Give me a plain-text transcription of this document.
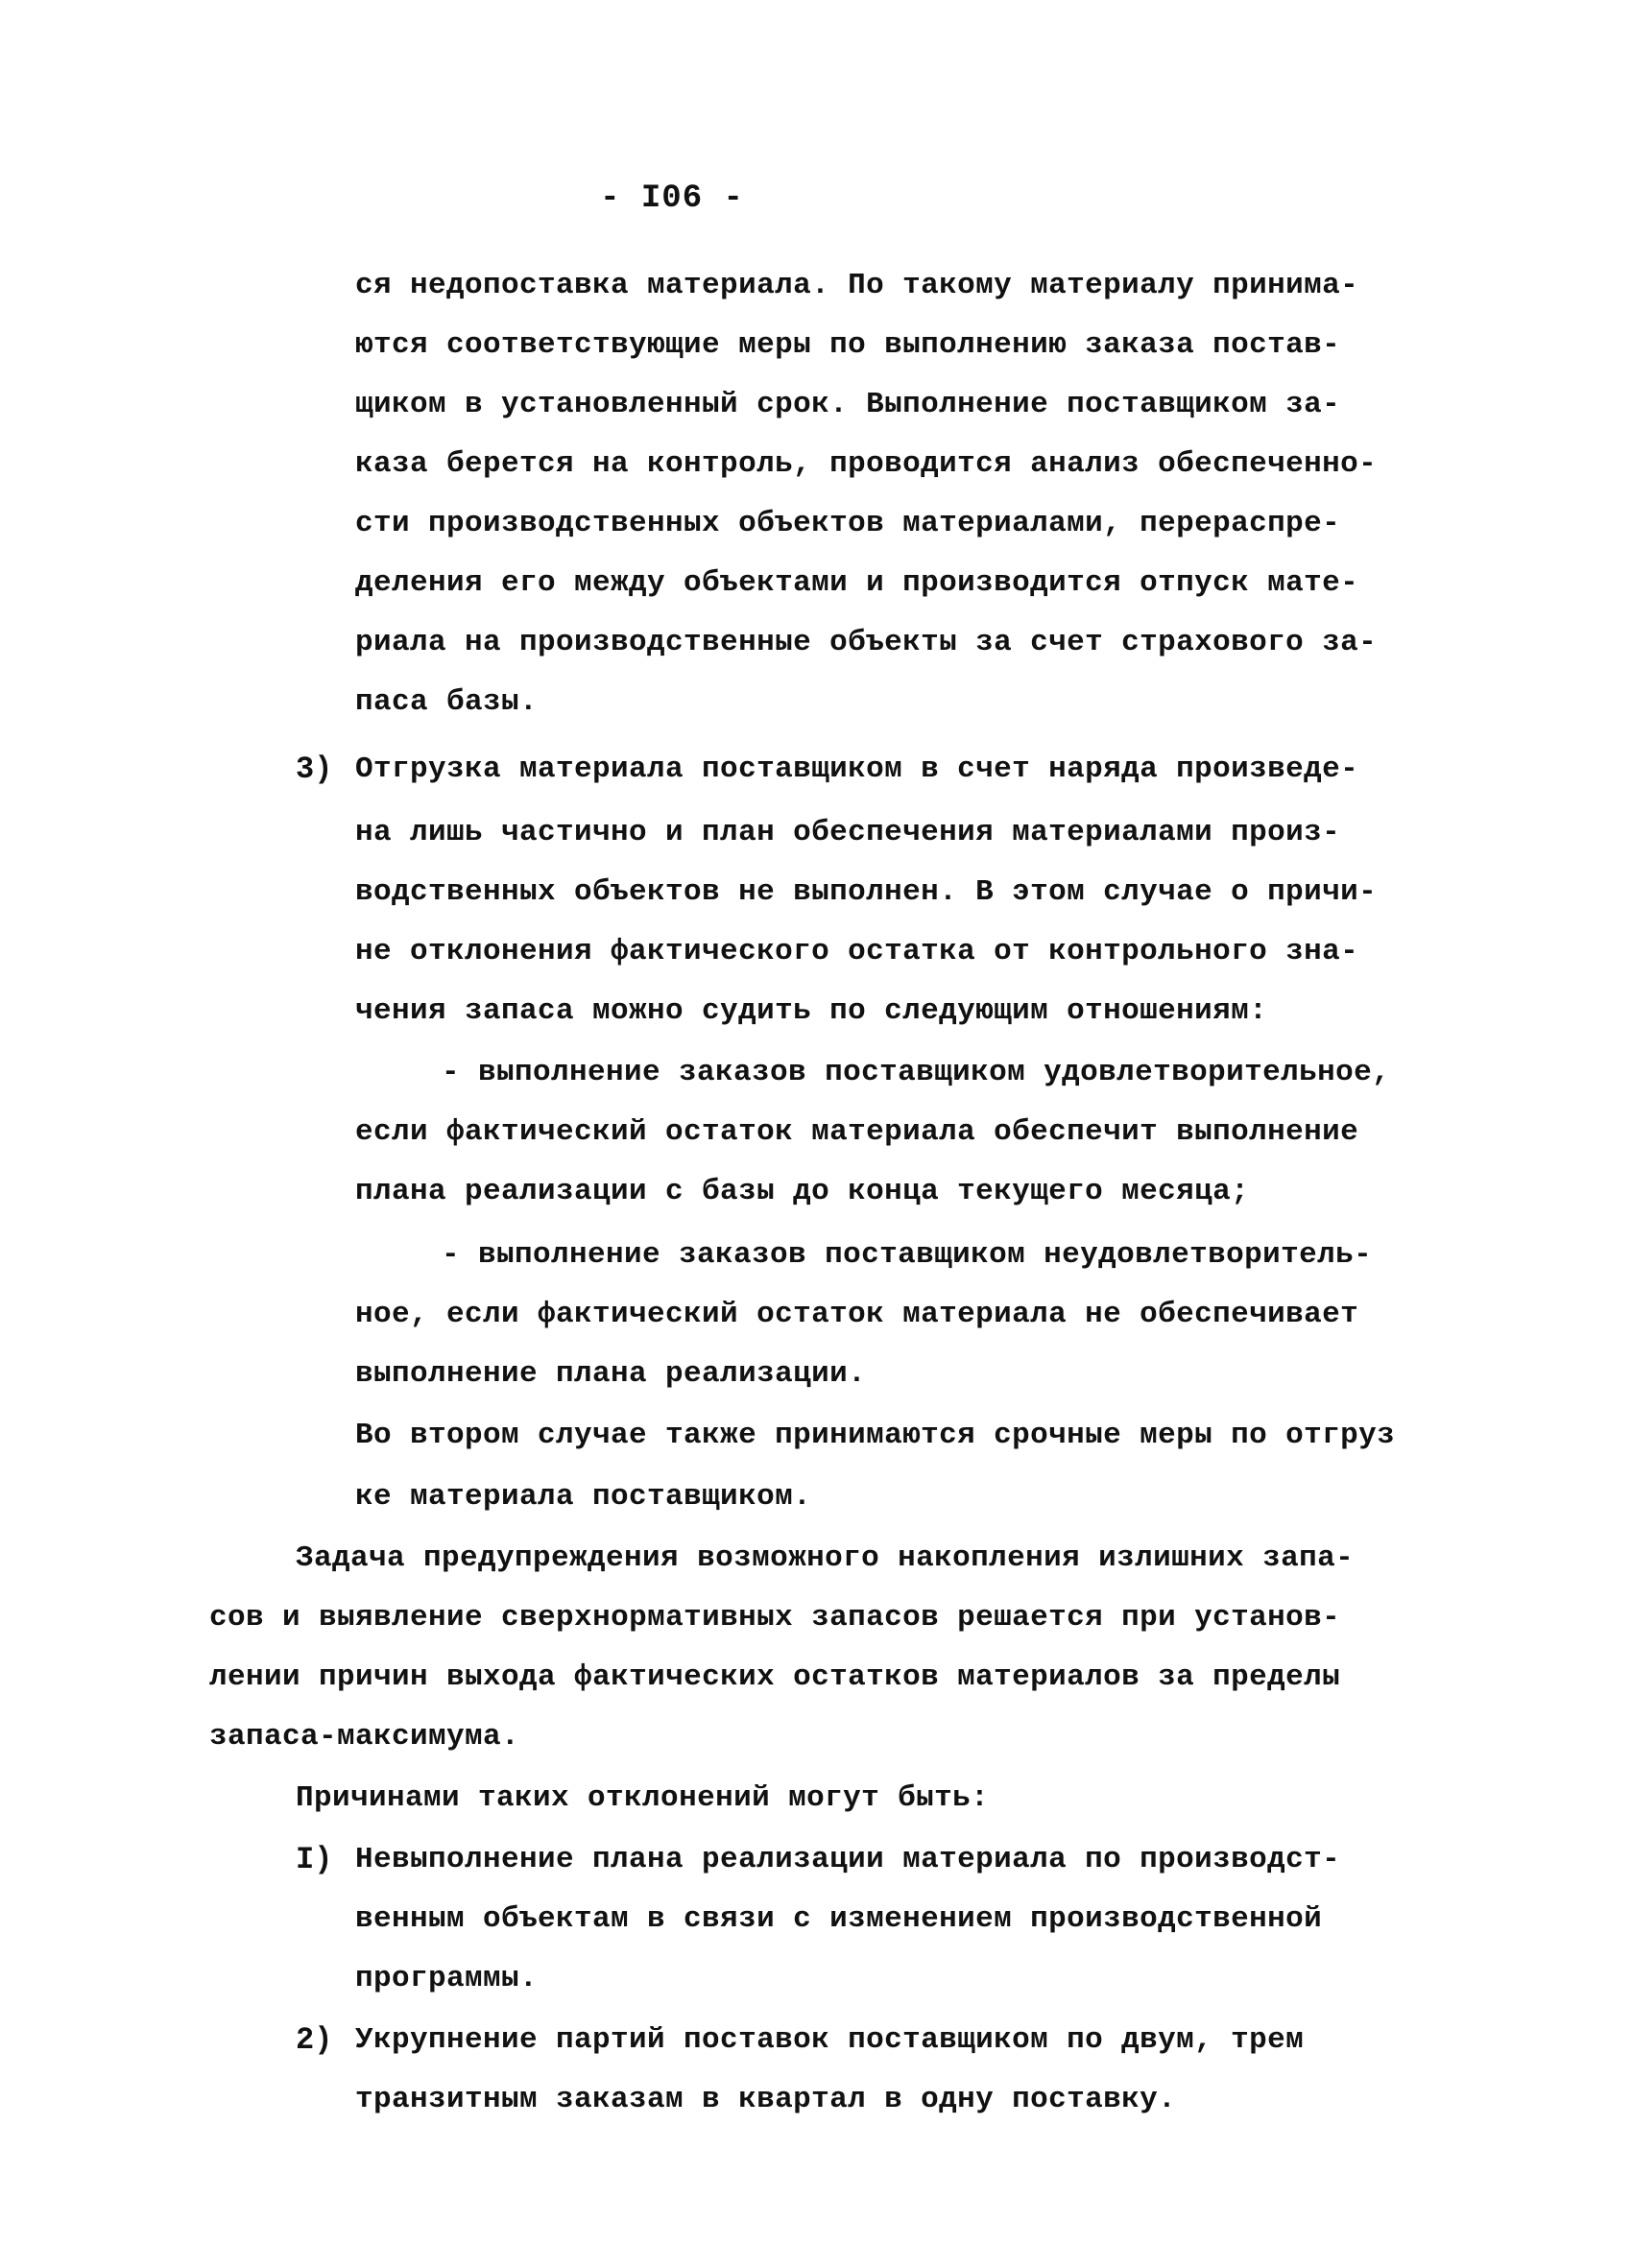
- I06 -
ся недопоставка материала. По такому материалу принима-
ются соответствующие меры по выполнению заказа постав-
щиком в установленный срок. Выполнение поставщиком за-
каза берется на контроль, проводится анализ обеспеченно-
сти производственных объектов материалами, перераспре-
деления его между объектами и производится отпуск мате-
риала на производственные объекты за счет страхового за-
паса базы.
3) Отгрузка материала поставщиком в счет наряда произведе-
на лишь частично и план обеспечения материалами произ-
водственных объектов не выполнен. В этом случае о причи-
не отклонения фактического остатка от контрольного зна-
чения запаса можно судить по следующим отношениям:
- выполнение заказов поставщиком удовлетворительное,
если фактический остаток материала обеспечит выполнение
плана реализации с базы до конца текущего месяца;
- выполнение заказов поставщиком неудовлетворитель-
ное, если фактический остаток материала не обеспечивает
выполнение плана реализации.
Во втором случае также принимаются срочные меры по отгруз
ке материала поставщиком.
Задача предупреждения возможного накопления излишних запа-
сов и выявление сверхнормативных запасов решается при установ-
лении причин выхода фактических остатков материалов за пределы
запаса-максимума.
Причинами таких отклонений могут быть:
I) Невыполнение плана реализации материала по производст-
венным объектам в связи с изменением производственной
программы.
2) Укрупнение партий поставок поставщиком по двум, трем
транзитным заказам в квартал в одну поставку.
